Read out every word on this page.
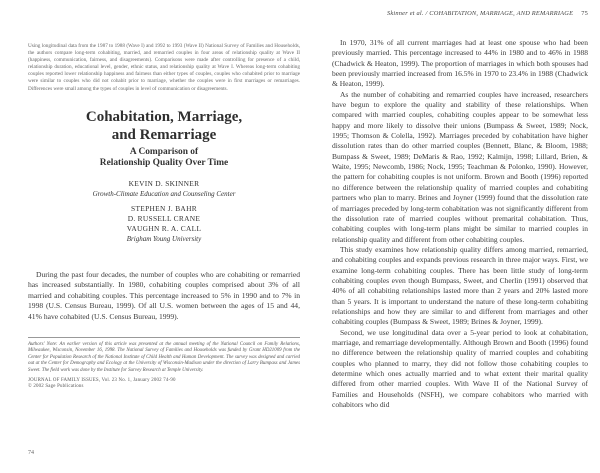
Using longitudinal data from the 1987 to 1988 (Wave I) and 1992 to 1993 (Wave II) National Survey of Families and Households, the authors compare long-term cohabiting, married, and remarried couples in four areas of relationship quality at Wave II (happiness, communication, fairness, and disagreements). Comparisons were made after controlling for presence of a child, relationship duration, educational level, gender, ethnic status, and relationship quality at Wave I. Whereas long-term cohabiting couples reported lower relationship happiness and fairness than either types of couples, couples who cohabited prior to marriage were similar to couples who did not cohabit prior to marriage, whether the couples were in first marriages or remarriages. Differences were small among the types of couples in level of communication or disagreements.
Cohabitation, Marriage,
and Remarriage
A Comparison of
Relationship Quality Over Time
KEVIN D. SKINNER
Growth-Climate Education and Counseling Center
STEPHEN J. BAHR
D. RUSSELL CRANE
VAUGHN R. A. CALL
Brigham Young University

During the past four decades, the number of couples who are cohabiting or remarried has increased substantially. In 1980, cohabiting couples comprised about 3% of all married and cohabiting couples. This percentage increased to 5% in 1990 and to 7% in 1998 (U.S. Census Bureau, 1999). Of all U.S. women between the ages of 15 and 44, 41% have cohabited (U.S. Census Bureau, 1999).

Authors' Note: An earlier version of this article was presented at the annual meeting of the National Council on Family Relations, Milwaukee, Wisconsin, November 16, 1998. The National Survey of Families and Households was funded by Grant HD21009 from the Center for Population Research of the National Institute of Child Health and Human Development. The survey was designed and carried out at the Center for Demography and Ecology at the University of Wisconsin-Madison under the direction of Larry Bumpass and James Sweet. The field work was done by the Institute for Survey Research at Temple University.
JOURNAL OF FAMILY ISSUES, Vol. 23 No. 1, January 2002 74-90
© 2002 Sage Publications
74
Skinner et al. / COHABITATION, MARRIAGE, AND REMARRIAGE 75

In 1970, 31% of all current marriages had at least one spouse who had been previously married. This percentage increased to 44% in 1980 and to 46% in 1988 (Chadwick & Heaton, 1999). The proportion of marriages in which both spouses had been previously married increased from 16.5% in 1970 to 23.4% in 1988 (Chadwick & Heaton, 1999).

As the number of cohabiting and remarried couples have increased, researchers have begun to explore the quality and stability of these relationships. When compared with married couples, cohabiting couples appear to be somewhat less happy and more likely to dissolve their unions (Bumpass & Sweet, 1989; Nock, 1995; Thomson & Colella, 1992). Marriages preceded by cohabitation have higher dissolution rates than do other married couples (Bennett, Blanc, & Bloom, 1988; Bumpass & Sweet, 1989; DeMaris & Rao, 1992; Kalmijn, 1998; Lillard, Brien, & Waite, 1995; Newcomb, 1986; Nock, 1995; Teachman & Polonko, 1990). However, the pattern for cohabiting couples is not uniform. Brown and Booth (1996) reported no difference between the relationship quality of married couples and cohabiting partners who plan to marry. Brines and Joyner (1999) found that the dissolution rate of marriages preceded by long-term cohabitation was not significantly different from the dissolution rate of married couples without premarital cohabitation. Thus, cohabiting couples with long-term plans might be similar to married couples in relationship quality and different from other cohabiting couples.

This study examines how relationship quality differs among married, remarried, and cohabiting couples and expands previous research in three major ways. First, we examine long-term cohabiting couples. There has been little study of long-term cohabiting couples even though Bumpass, Sweet, and Cherlin (1991) observed that 40% of all cohabiting relationships lasted more than 2 years and 20% lasted more than 5 years. It is important to understand the nature of these long-term cohabiting relationships and how they are similar to and different from marriages and other cohabiting couples (Bumpass & Sweet, 1989; Brines & Joyner, 1999).

Second, we use longitudinal data over a 5-year period to look at cohabitation, marriage, and remarriage developmentally. Although Brown and Booth (1996) found no difference between the relationship quality of married couples and cohabiting couples who planned to marry, they did not follow those cohabiting couples to determine which ones actually married and to what extent their marital quality differed from other married couples. With Wave II of the National Survey of Families and Households (NSFH), we compare cohabitors who married with cohabitors who did
